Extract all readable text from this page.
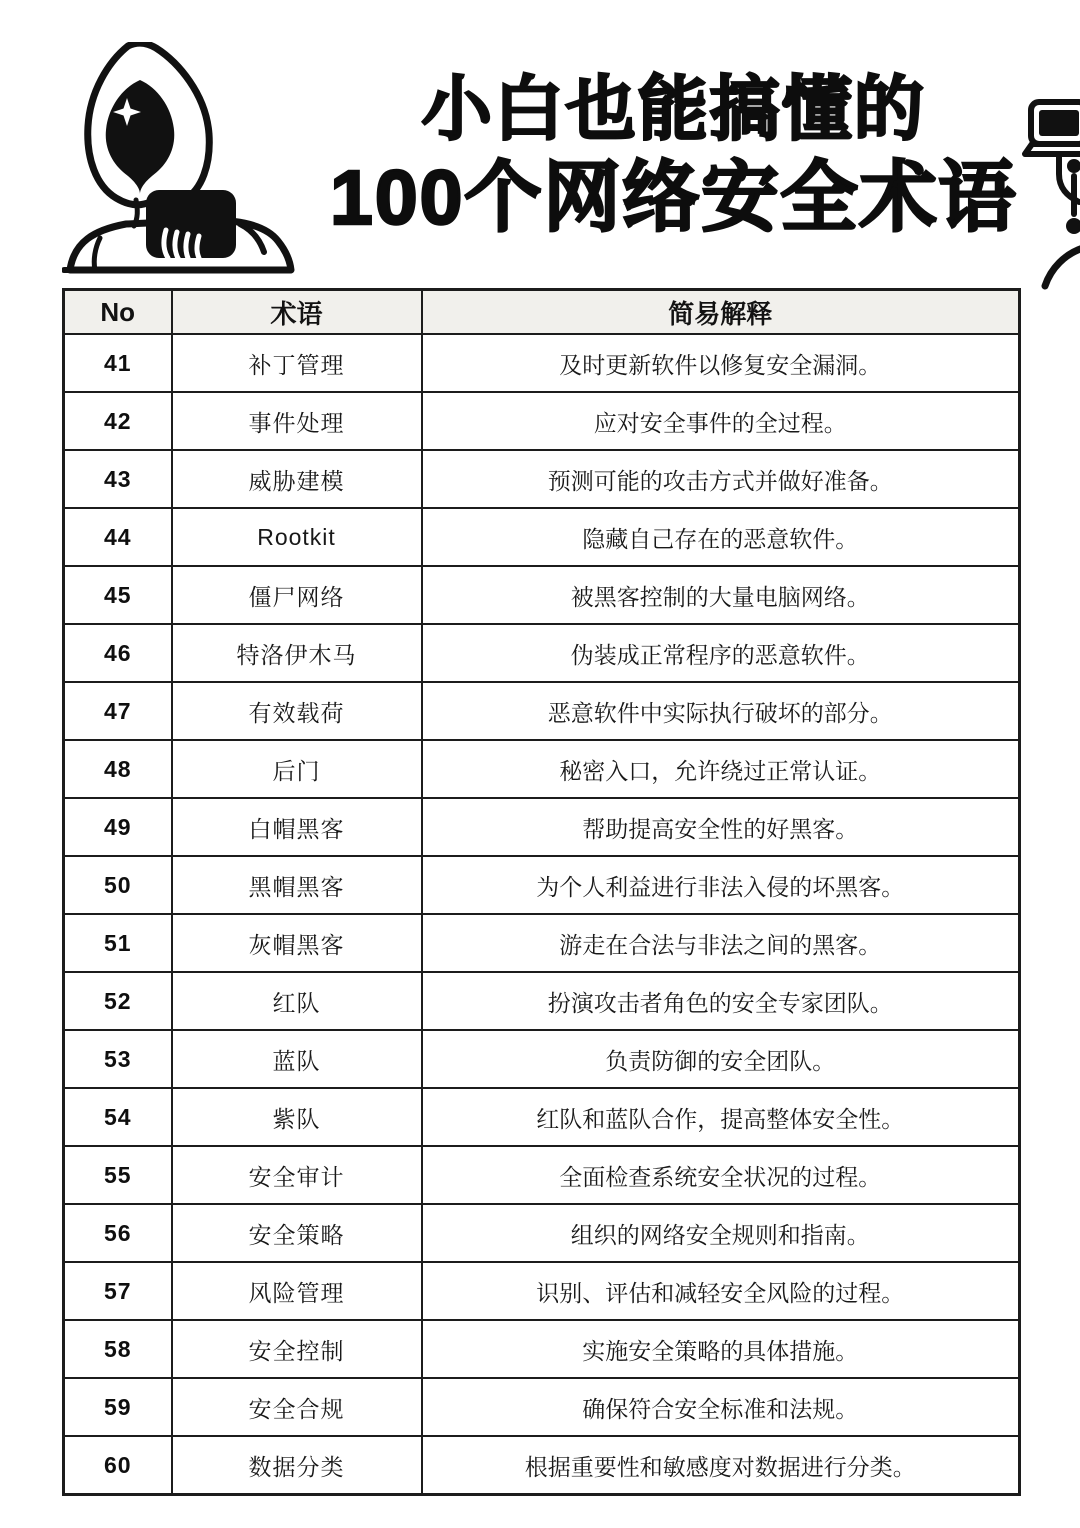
小白也能搞懂的
100个网络安全术语
No	术语	简易解释
41	补丁管理	及时更新软件以修复安全漏洞。
42	事件处理	应对安全事件的全过程。
43	威胁建模	预测可能的攻击方式并做好准备。
44	Rootkit	隐藏自己存在的恶意软件。
45	僵尸网络	被黑客控制的大量电脑网络。
46	特洛伊木马	伪装成正常程序的恶意软件。
47	有效载荷	恶意软件中实际执行破坏的部分。
48	后门	秘密入口，允许绕过正常认证。
49	白帽黑客	帮助提高安全性的好黑客。
50	黑帽黑客	为个人利益进行非法入侵的坏黑客。
51	灰帽黑客	游走在合法与非法之间的黑客。
52	红队	扮演攻击者角色的安全专家团队。
53	蓝队	负责防御的安全团队。
54	紫队	红队和蓝队合作，提高整体安全性。
55	安全审计	全面检查系统安全状况的过程。
56	安全策略	组织的网络安全规则和指南。
57	风险管理	识别、评估和减轻安全风险的过程。
58	安全控制	实施安全策略的具体措施。
59	安全合规	确保符合安全标准和法规。
60	数据分类	根据重要性和敏感度对数据进行分类。
